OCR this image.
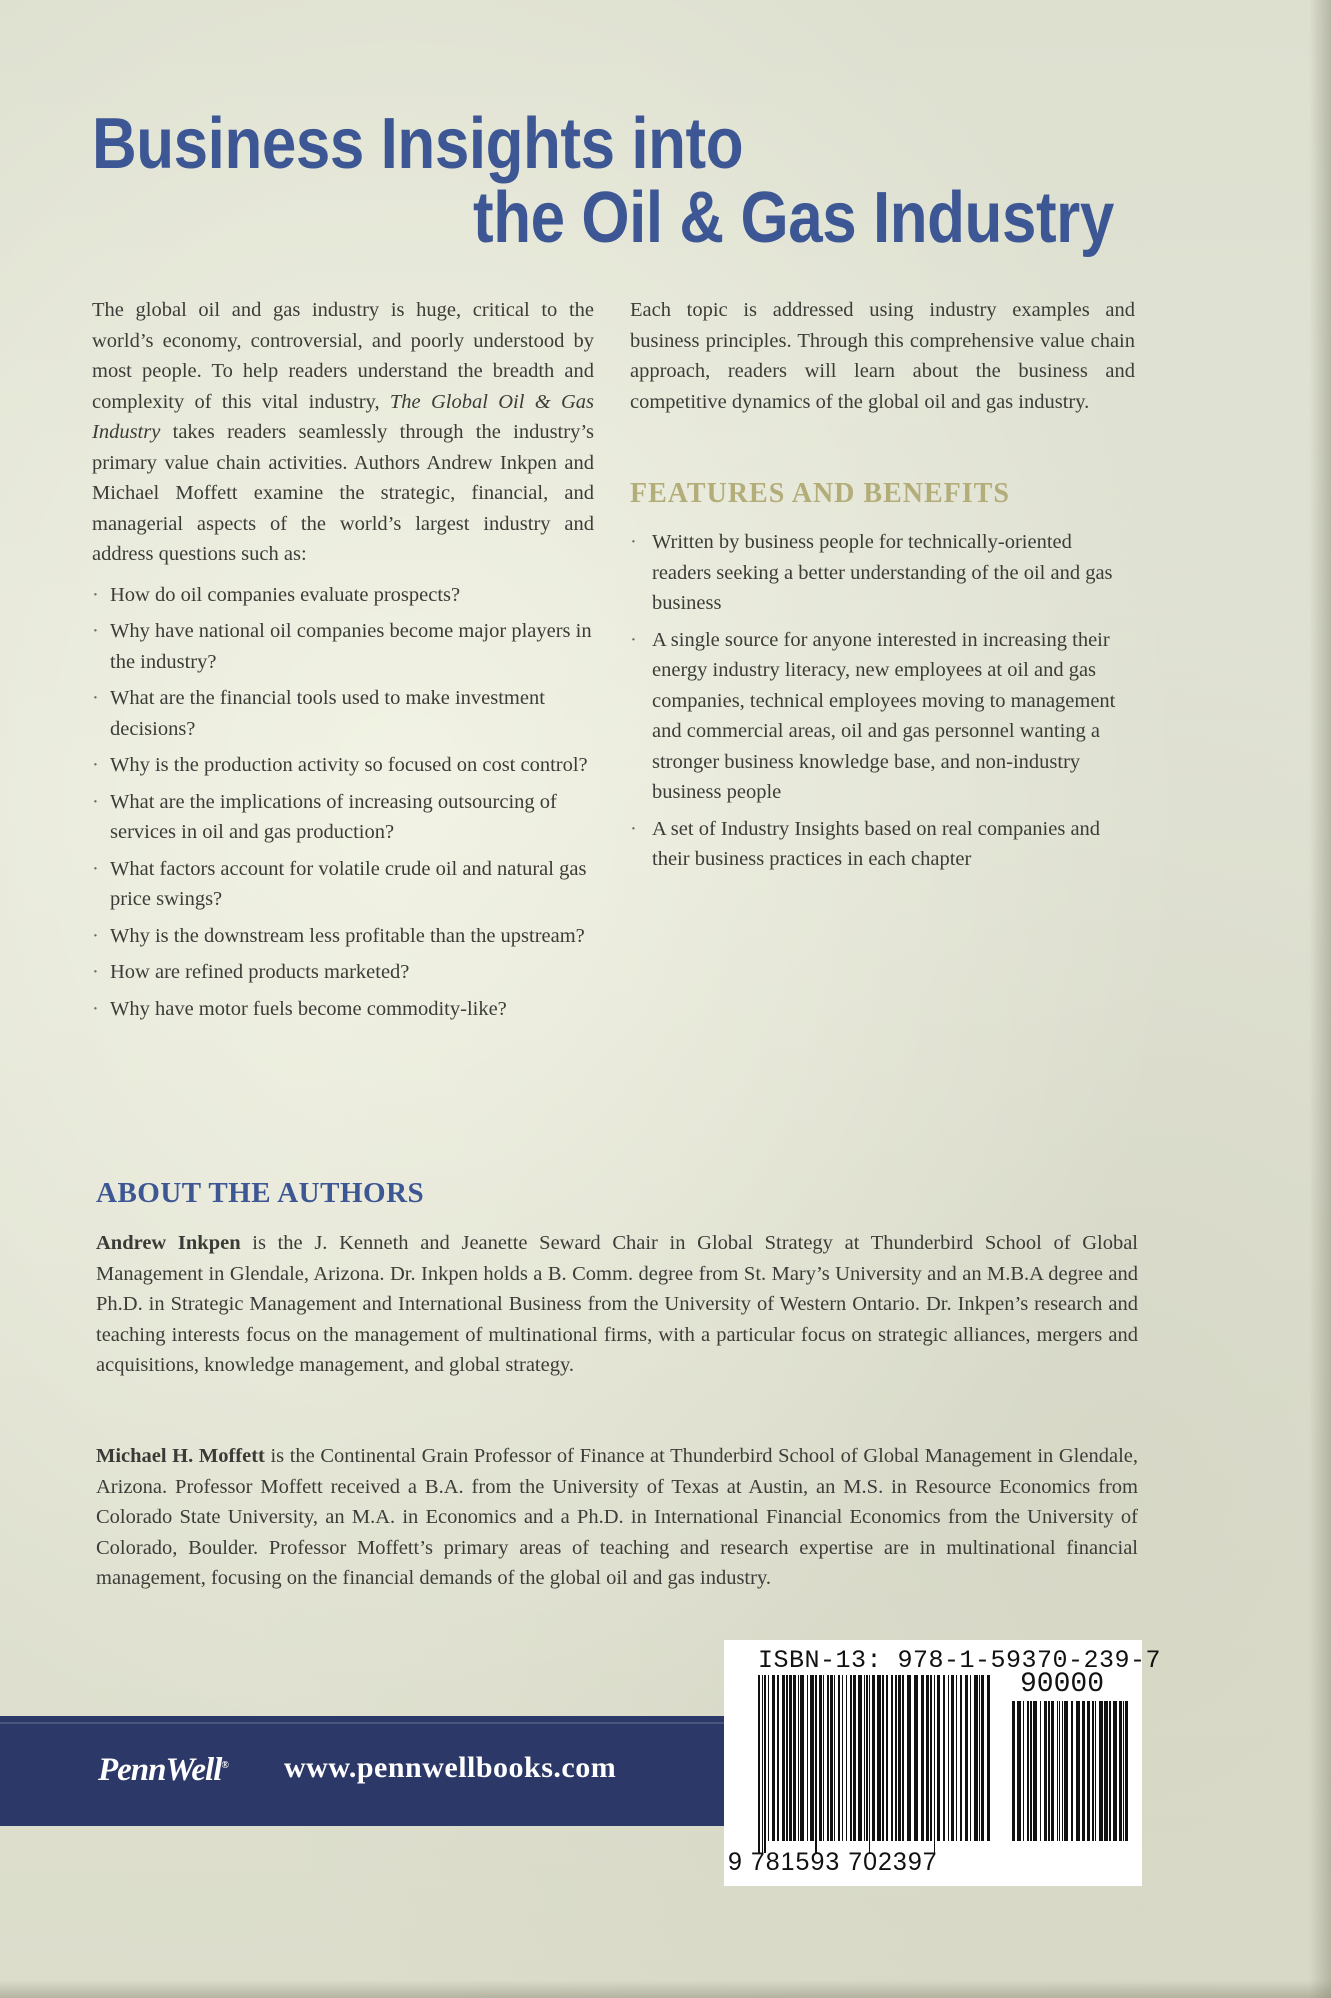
Business Insights into
the Oil & Gas Industry

The global oil and gas industry is huge, critical to the world’s economy, controversial, and poorly understood by most people. To help readers understand the breadth and complexity of this vital industry, The Global Oil & Gas Industry takes readers seamlessly through the industry’s primary value chain activities. Authors Andrew Inkpen and Michael Moffett examine the strategic, financial, and managerial aspects of the world’s largest industry and address questions such as:

· How do oil companies evaluate prospects?
· Why have national oil companies become major players in the industry?
· What are the financial tools used to make investment decisions?
· Why is the production activity so focused on cost control?
· What are the implications of increasing outsourcing of services in oil and gas production?
· What factors account for volatile crude oil and natural gas price swings?
· Why is the downstream less profitable than the upstream?
· How are refined products marketed?
· Why have motor fuels become commodity-like?

Each topic is addressed using industry examples and business principles. Through this comprehensive value chain approach, readers will learn about the business and competitive dynamics of the global oil and gas industry.

FEATURES AND BENEFITS
· Written by business people for technically-oriented readers seeking a better understanding of the oil and gas business
· A single source for anyone interested in increasing their energy industry literacy, new employees at oil and gas companies, technical employees moving to management and commercial areas, oil and gas personnel wanting a stronger business knowledge base, and non-industry business people
· A set of Industry Insights based on real companies and their business practices in each chapter
ABOUT THE AUTHORS

Andrew Inkpen is the J. Kenneth and Jeanette Seward Chair in Global Strategy at Thunderbird School of Global Management in Glendale, Arizona. Dr. Inkpen holds a B. Comm. degree from St. Mary’s University and an M.B.A degree and Ph.D. in Strategic Management and International Business from the University of Western Ontario. Dr. Inkpen’s research and teaching interests focus on the management of multinational firms, with a particular focus on strategic alliances, mergers and acquisitions, knowledge management, and global strategy.

Michael H. Moffett is the Continental Grain Professor of Finance at Thunderbird School of Global Management in Glendale, Arizona. Professor Moffett received a B.A. from the University of Texas at Austin, an M.S. in Resource Economics from Colorado State University, an M.A. in Economics and a Ph.D. in International Financial Economics from the University of Colorado, Boulder. Professor Moffett’s primary areas of teaching and research expertise are in multinational financial management, focusing on the financial demands of the global oil and gas industry.

PennWell® www.pennwellbooks.com

ISBN-13: 978-1-59370-239-7

90000

9 781593 702397
